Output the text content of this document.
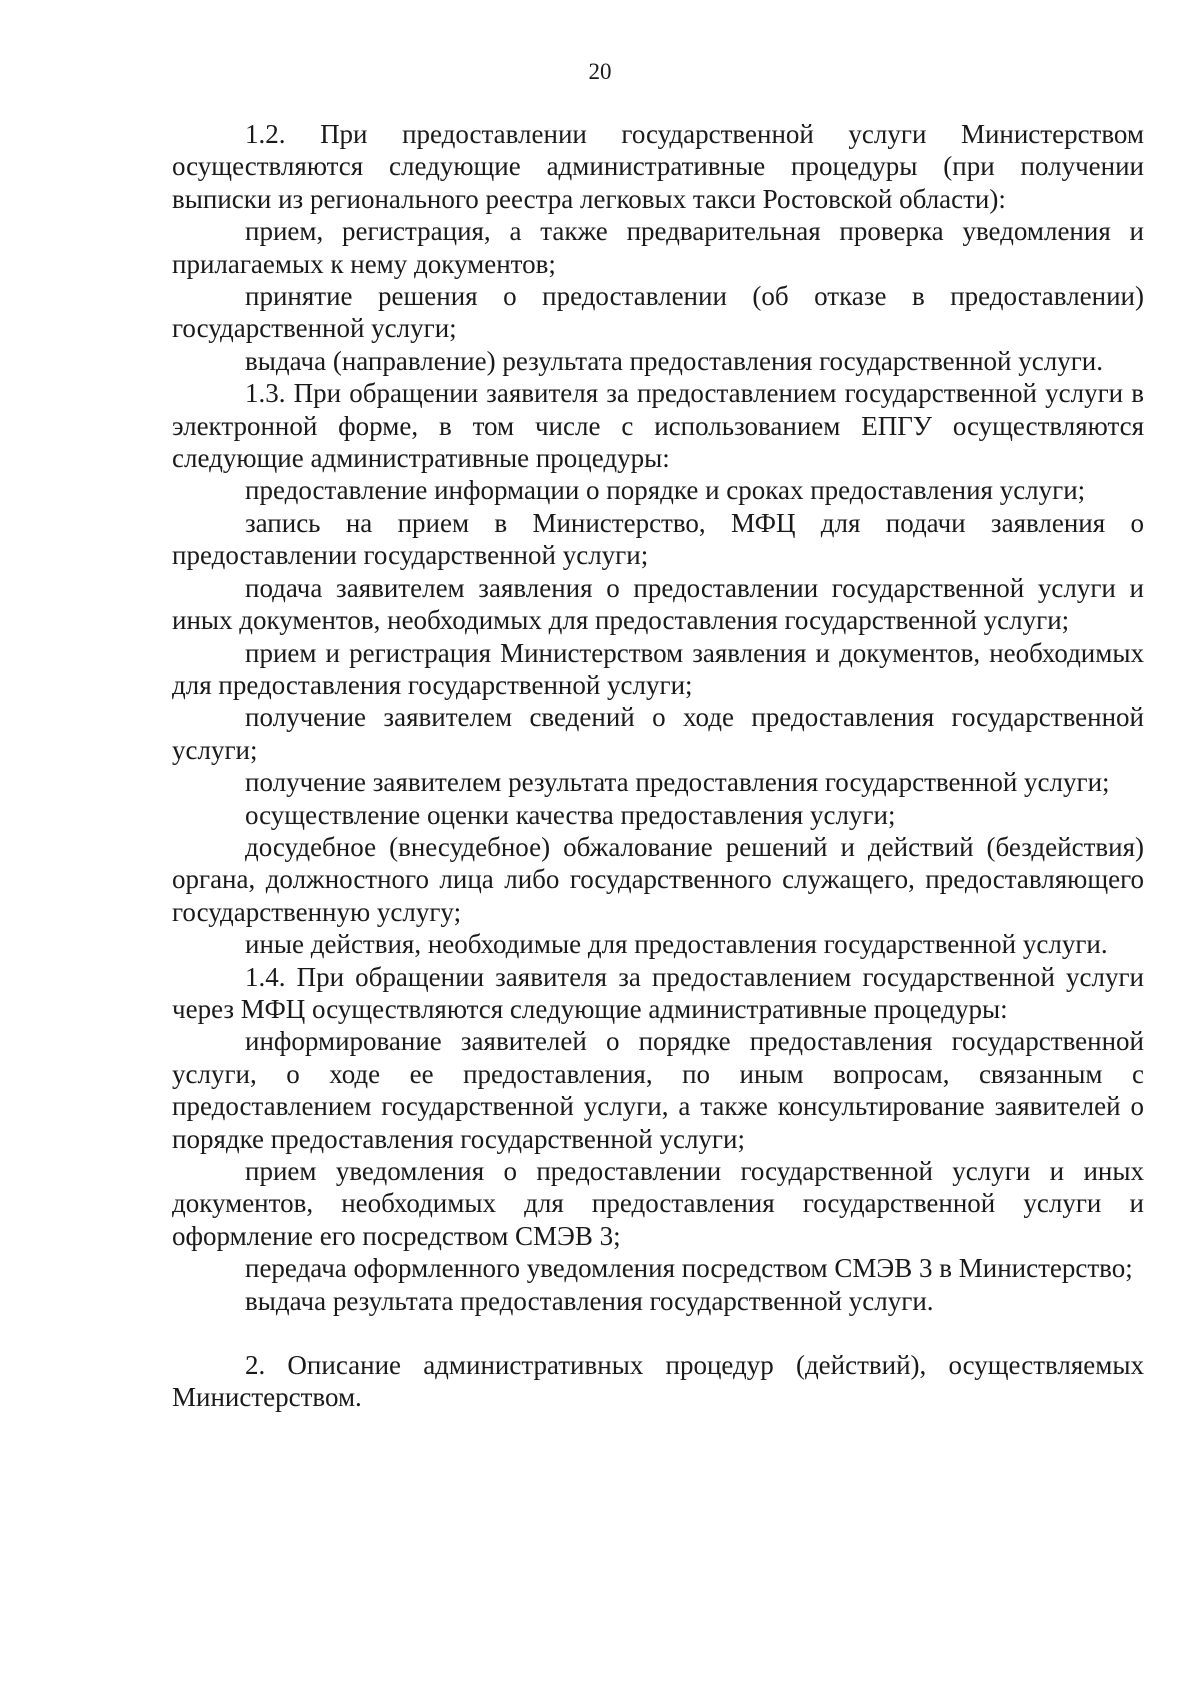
20

1.2. При предоставлении государственной услуги Министерством осуществляются следующие административные процедуры (при получении выписки из регионального реестра легковых такси Ростовской области):

прием, регистрация, а также предварительная проверка уведомления и прилагаемых к нему документов;

принятие решения о предоставлении (об отказе в предоставлении) государственной услуги;

выдача (направление) результата предоставления государственной услуги.

1.3. При обращении заявителя за предоставлением государственной услуги в электронной форме, в том числе с использованием ЕПГУ осуществляются следующие административные процедуры:

предоставление информации о порядке и сроках предоставления услуги;

запись на прием в Министерство, МФЦ для подачи заявления о предоставлении государственной услуги;

подача заявителем заявления о предоставлении государственной услуги и иных документов, необходимых для предоставления государственной услуги;

прием и регистрация Министерством заявления и документов, необходимых для предоставления государственной услуги;

получение заявителем сведений о ходе предоставления государственной услуги;

получение заявителем результата предоставления государственной услуги;

осуществление оценки качества предоставления услуги;

досудебное (внесудебное) обжалование решений и действий (бездействия) органа, должностного лица либо государственного служащего, предоставляющего государственную услугу;

иные действия, необходимые для предоставления государственной услуги.

1.4. При обращении заявителя за предоставлением государственной услуги через МФЦ осуществляются следующие административные процедуры:

информирование заявителей о порядке предоставления государственной услуги, о ходе ее предоставления, по иным вопросам, связанным с предоставлением государственной услуги, а также консультирование заявителей о порядке предоставления государственной услуги;

прием уведомления о предоставлении государственной услуги и иных документов, необходимых для предоставления государственной услуги и оформление его посредством СМЭВ 3;

передача оформленного уведомления посредством СМЭВ 3 в Министерство;

выдача результата предоставления государственной услуги.

2. Описание административных процедур (действий), осуществляемых Министерством.
